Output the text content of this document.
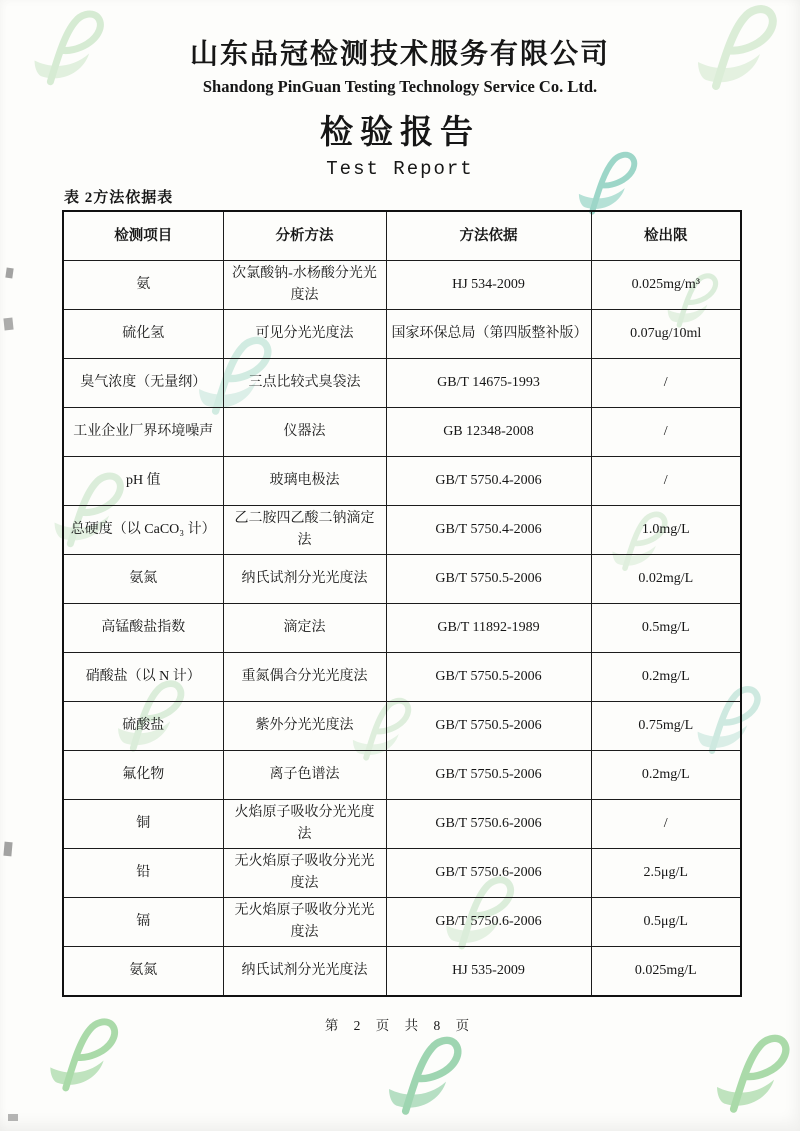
山东品冠检测技术服务有限公司
Shandong PinGuan Testing Technology Service Co. Ltd.
检验报告
Test Report
表 2方法依据表
检测项目	分析方法	方法依据	检出限
氨	次氯酸钠-水杨酸分光光度法	HJ 534-2009	0.025mg/m³
硫化氢	可见分光光度法	国家环保总局（第四版整补版）	0.07ug/10ml
臭气浓度（无量纲）	三点比较式臭袋法	GB/T 14675-1993	/
工业企业厂界环境噪声	仪器法	GB 12348-2008	/
pH 值	玻璃电极法	GB/T 5750.4-2006	/
总硬度（以 CaCO₃ 计）	乙二胺四乙酸二钠滴定法	GB/T 5750.4-2006	1.0mg/L
氨氮	纳氏试剂分光光度法	GB/T 5750.5-2006	0.02mg/L
高锰酸盐指数	滴定法	GB/T 11892-1989	0.5mg/L
硝酸盐（以 N 计）	重氮偶合分光光度法	GB/T 5750.5-2006	0.2mg/L
硫酸盐	紫外分光光度法	GB/T 5750.5-2006	0.75mg/L
氟化物	离子色谱法	GB/T 5750.5-2006	0.2mg/L
铜	火焰原子吸收分光光度法	GB/T 5750.6-2006	/
铅	无火焰原子吸收分光光度法	GB/T 5750.6-2006	2.5μg/L
镉	无火焰原子吸收分光光度法	GB/T 5750.6-2006	0.5μg/L
氨氮	纳氏试剂分光光度法	HJ 535-2009	0.025mg/L
第 2 页 共 8 页
